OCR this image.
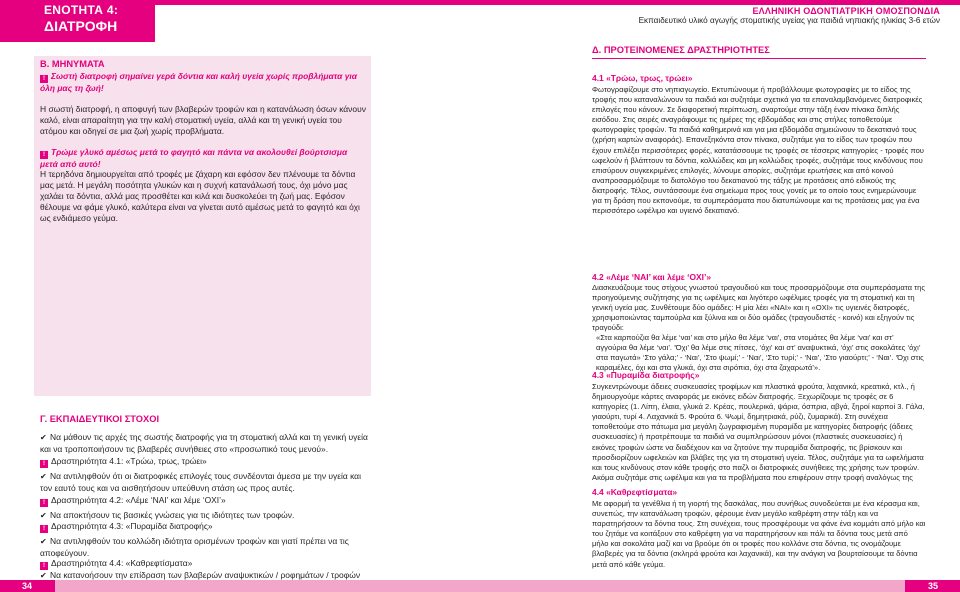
ΕΝΟΤΗΤΑ 4:
ΔΙΑΤΡΟΦΗ
ΕΛΛΗΝΙΚΗ ΟΔΟΝΤΙΑΤΡΙΚΗ ΟΜΟΣΠΟΝΔΙΑ
Εκπαιδευτικό υλικό αγωγής στοματικής υγείας για παιδιά νηπιακής ηλικίας 3-6 ετών
Β. ΜΗΝΥΜΑΤΑ
! Σωστή διατροφή σημαίνει γερά δόντια και καλή υγεία χωρίς προβλήματα για όλη μας τη ζωή!
Η σωστή διατροφή, η αποφυγή των βλαβερών τροφών και η κατανάλωση όσων κάνουν καλό, είναι απαραίτητη για την καλή στοματική υγεία, αλλά και τη γενική υγεία του ατόμου και οδηγεί σε μια ζωή χωρίς προβλήματα.
! Τρώμε γλυκό αμέσως μετά το φαγητό και πάντα να ακολουθεί βούρτσισμα μετά από αυτό!
Η τερηδόνα δημιουργείται από τροφές με ζάχαρη και εφόσον δεν πλένουμε τα δόντια μας μετά. Η μεγάλη ποσότητα γλυκών και η συχνή κατανάλωσή τους, όχι μόνο μας χαλάει τα δόντια, αλλά μας προσθέτει και κιλά και δυσκολεύει τη ζωή μας. Εφόσον θέλουμε να φάμε γλυκό, καλύτερα είναι να γίνεται αυτό αμέσως μετά το φαγητό και όχι ως ενδιάμεσο γεύμα.
Γ. ΕΚΠΑΙΔΕΥΤΙΚΟΙ ΣΤΟΧΟΙ
✔ Να μάθουν τις αρχές της σωστής διατροφής για τη στοματική αλλά και τη γενική υγεία και να τροποποιήσουν τις βλαβερές συνήθειες στο «προσωπικό τους μενού».
! Δραστηριότητα 4.1: «Τρώω, τρως, τρώει»
✔ Να αντιληφθούν ότι οι διατροφικές επιλογές τους συνδέονται άμεσα με την υγεία και τον εαυτό τους και να αισθητήσουν υπεύθυνη στάση ως προς αυτές.
! Δραστηριότητα 4.2: «Λέμε ‘ΝΑΙ’ και λέμε ‘ΟΧΙ’»
✔ Να αποκτήσουν τις βασικές γνώσεις για τις ιδιότητες των τροφών.
! Δραστηριότητα 4.3: «Πυραμίδα διατροφής»
✔ Να αντιληφθούν του κολλώδη ιδιότητα ορισμένων τροφών και γιατί πρέπει να τις αποφεύγουν.
! Δραστηριότητα 4.4: «Καθρεφτίσματα»
✔ Να κατανοήσουν την επίδραση των βλαβερών αναψυκτικών / ροφημάτων / τροφών
34
Δ. ΠΡΟΤΕΙΝΟΜΕΝΕΣ ΔΡΑΣΤΗΡΙΟΤΗΤΕΣ
4.1 «Τρώω, τρως, τρώει»
Φωτογραφίζουμε στο νηπιαγωγείο. Εκτυπώνουμε ή προβάλλουμε φωτογραφίες με το είδος της τροφής που καταναλώνουν τα παιδιά και συζητάμε σχετικά για τα επαναλαμβανόμενες διατροφικές επιλογές που κάνουν. Σε διαφορετική περίπτωση, αναρτούμε στην τάξη έναν πίνακα διπλής εισόδου. Στις σειρές αναγράφουμε τις ημέρες της εβδομάδας και στις στήλες τοποθετούμε φωτογραφίες τροφών. Τα παιδιά καθημερινά και για μια εβδομάδα σημειώνουν το δεκατιανό τους (χρήση καρτών αναφοράς). Επανεξηκόντα στον πίνακα, συζητάμε για το είδος των τροφών που έχουν επιλέξει περισσότερες φορές, κατατάσσουμε τις τροφές σε τέσσερις κατηγορίες - τροφές που ωφελούν ή βλάπτουν τα δόντια, κολλώδεις και μη κολλώδεις τροφές, συζητάμε τους κινδύνους που επισύρουν συγκεκριμένες επιλογές, λύνουμε απορίες, συζητάμε ερωτήσεις και από κοινού αναπροσαρμόζουμε το διατολόγιο του δεκατιανού της τάξης με προτάσεις από ειδικούς της διατροφής. Τέλος, συντάσσουμε ένα σημείωμα προς τους γονείς με το οποίο τους ενημερώνουμε για τη δράση που εκπονούμε, τα συμπεράσματα που διατυπώνουμε και τις προτάσεις μας για ένα περισσότερο ωφέλιμο και υγιεινό δεκατιανό.
4.2 «Λέμε ‘ΝΑΙ’ και λέμε ‘ΟΧΙ’»
Διασκευάζουμε τους στίχους γνωστού τραγουδιού και τους προσαρμόζουμε στα συμπεράσματα της προηγούμενης συζήτησης για τις ωφέλιμες και λιγότερο ωφέλιμες τροφές για τη στοματική και τη γενική υγεία μας. Συνθέτουμε δύο ομάδες: Η μία λέει «ΝΑΙ» και η «ΟΧΙ» τις υγιεινές διατροφές, χρησιμοποιώντας ταμπούρλα και ξύλινα και οι δύο ομάδες (τραγουδιστές - κοινό) και εξηγούν τις τραγούδι:
«Στα καρπούζια θα λέμε ‘ναι’ και στο μήλο θα λέμε ‘ναι’, στα ντομάτες θα λέμε ‘ναι’ και στ’ αγγούρια θα λέμε ‘ναι’. ‘Όχι’ θα λέμε στις πίτσες, ‘όχι’ και στ’ αναψυκτικά, ‘όχι’ στις σοκολάτες ‘όχι’ στα παγωτά» ‘Στο γάλα;’ - ‘Ναι’, ‘Στο ψωμί;’ - ‘Ναι’, ‘Στο τυρί;’ - ‘Ναι’, ‘Στο γιαούρτι;’ - ‘Ναι’. ‘Όχι στις καραμέλες, όχι και στα γλυκά, όχι στα σιρόπια, όχι στα ζαχαρωτά’».
4.3 «Πυραμίδα διατροφής»
Συγκεντρώνουμε άδειες συσκευασίες τροφίμων και πλαστικά φρούτα, λαχανικά, κρεατικά, κτλ., ή δημιουργούμε κάρτες αναφοράς με εικόνες ειδών διατροφής. Ξεχωρίζουμε τις τροφές σε 6 κατηγορίες (1. Λίπη, έλαια, γλυκά 2. Κρέας, πουλερικά, ψάρια, όσπρια, αβγά, ξηροί καρποί 3. Γάλα, γιαούρτι, τυρί 4. Λαχανικά 5. Φρούτα 6. Ψωμί, δημητριακά, ρύζι, ζυμαρικά). Στη συνέχεια τοποθετούμε στο πάτωμα μια μεγάλη ζωγραφισμένη πυραμίδα με κατηγορίες διατροφής (άδειες συσκευασίες) ή προτρέπουμε τα παιδιά να συμπληρώσουν μόνοι (πλαστικές συσκευασίες) ή εικόνες τροφών ώστε να διαδέχουν και να ζητούνε την πυραμίδα διατροφής, τις βρίσκουν και προσδιορίζουν ωφελειών και βλάβες της για τη στοματική υγεία. Τέλος, συζητάμε για τα ωφελήματα και τους κινδύνους στον κάθε τροφής στο παζλ οι διατροφικές συνήθειες της χρήσης των τροφών. Ακόμα συζητάμε στις ωφέλιμα και για τα προβλήματα που επιφέρουν στην τροφή αναλόγως της
4.4 «Καθρεφτίσματα»
Με αφορμή τα γενέθλια ή τη γιορτή της δασκάλας, που συνήθως συνοδεύεται με ένα κέρασμα και, συνεπώς, την κατανάλωση τροφών, φέρουμε έναν μεγάλο καθρέφτη στην τάξη και να παρατηρήσουν τα δόντια τους. Στη συνέχεια, τους προσφέρουμε να φάνε ένα κομμάτι από μήλο και του ζητάμε να κοιτάξουν στο καθρέφτη για να παρατηρήσουν και πάλι τα δόντια τους μετά από μήλο και σοκολάτα μαζί και να βρούμε ότι οι τροφές που κολλάνε στα δόντια, τις ονομάζουμε βλαβερές για τα δόντια (σκληρά φρούτα και λαχανικά), και την ανάγκη να βουρτσίσουμε τα δόντια μετά από κάθε γεύμα.
35
